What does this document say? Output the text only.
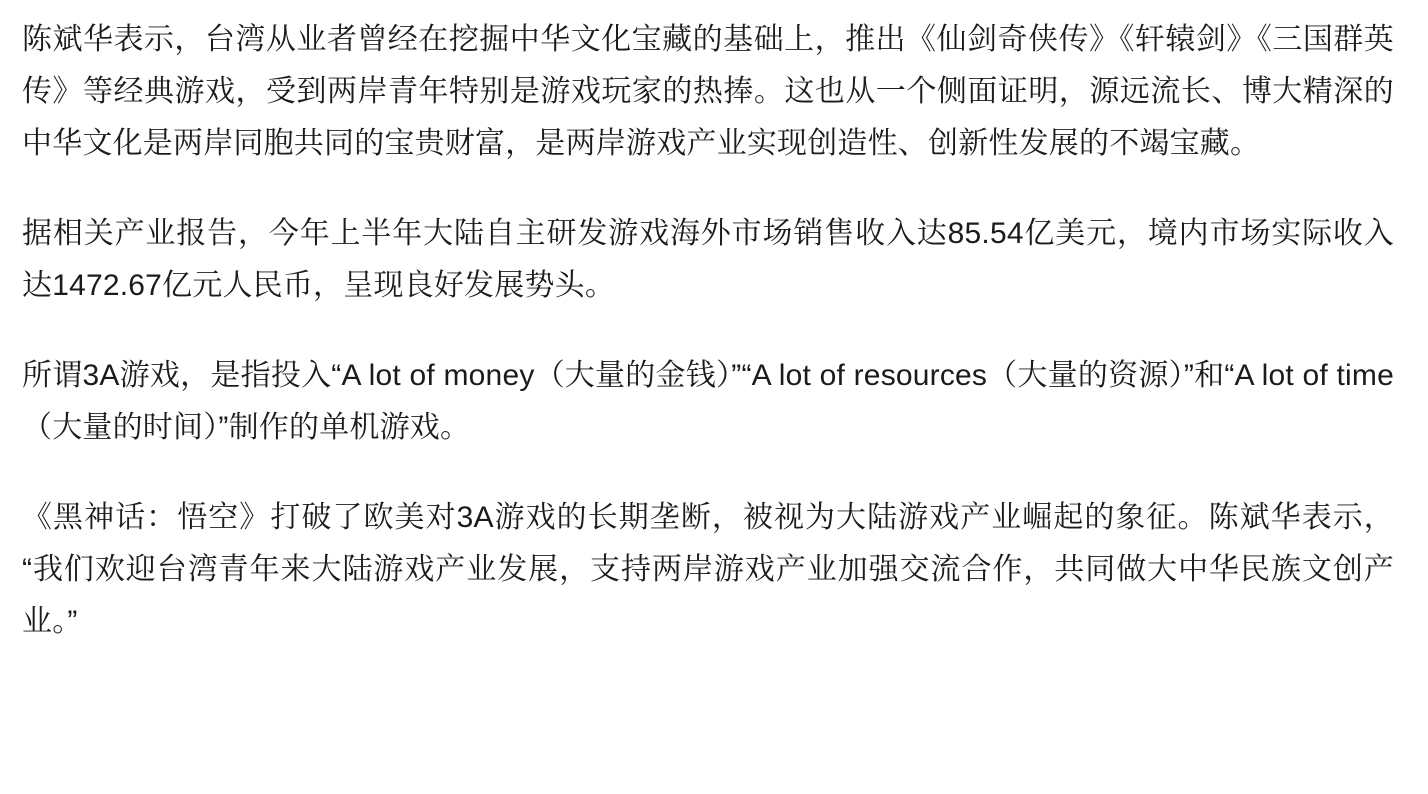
陈斌华表示，台湾从业者曾经在挖掘中华文化宝藏的基础上，推出《仙剑奇侠传》《轩辕剑》《三国群英传》等经典游戏，受到两岸青年特别是游戏玩家的热捧。这也从一个侧面证明，源远流长、博大精深的中华文化是两岸同胞共同的宝贵财富，是两岸游戏产业实现创造性、创新性发展的不竭宝藏。

据相关产业报告，今年上半年大陆自主研发游戏海外市场销售收入达85.54亿美元，境内市场实际收入达1472.67亿元人民币，呈现良好发展势头。

所谓3A游戏，是指投入“A lot of money（大量的金钱）”“A lot of resources（大量的资源）”和“A lot of time（大量的时间）”制作的单机游戏。

《黑神话：悟空》打破了欧美对3A游戏的长期垄断，被视为大陆游戏产业崛起的象征。陈斌华表示，“我们欢迎台湾青年来大陆游戏产业发展，支持两岸游戏产业加强交流合作，共同做大中华民族文创产业。”
